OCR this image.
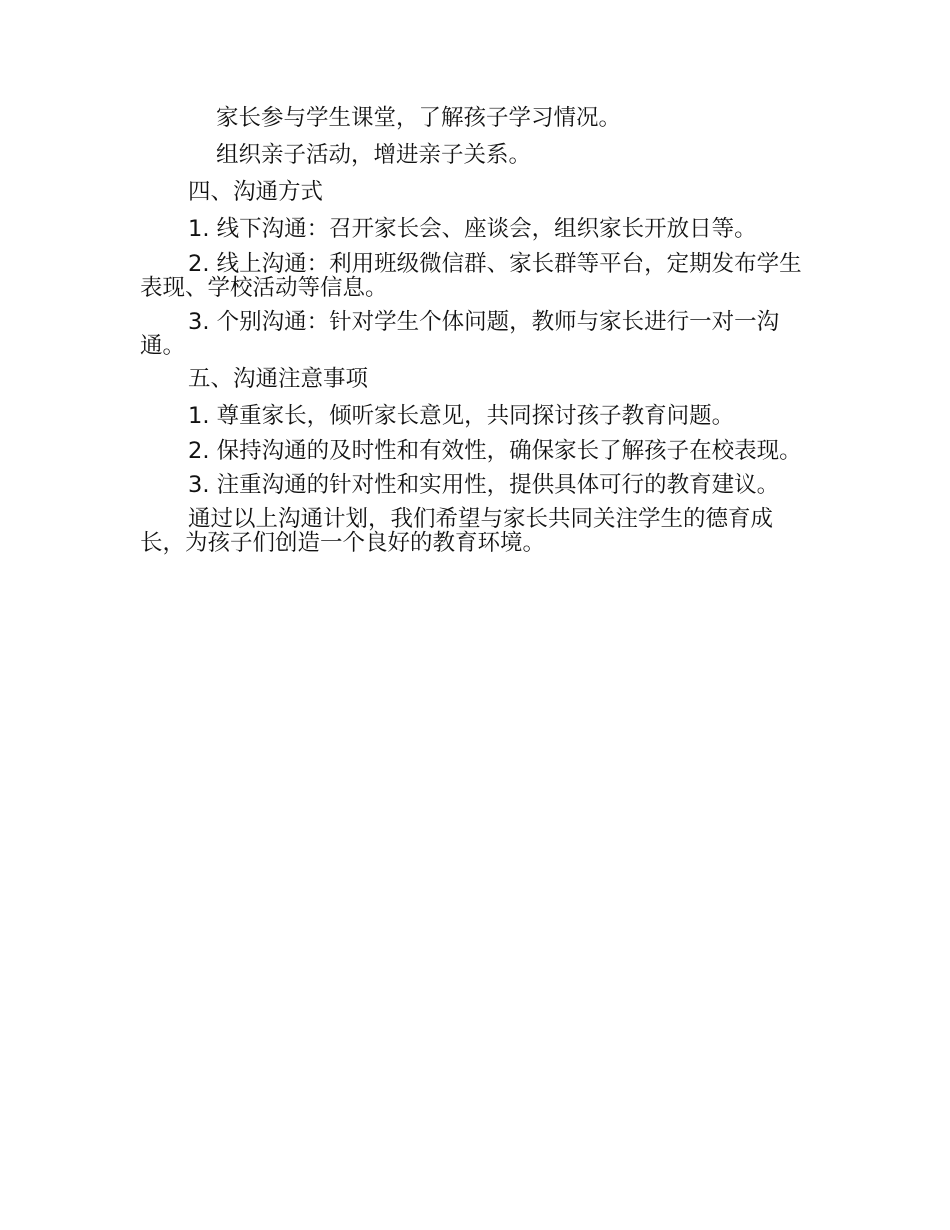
家长参与学生课堂，了解孩子学习情况。
组织亲子活动，增进亲子关系。
四、沟通方式
1. 线下沟通：召开家长会、座谈会，组织家长开放日等。
2. 线上沟通：利用班级微信群、家长群等平台，定期发布学生表现、学校活动等信息。
3. 个别沟通：针对学生个体问题，教师与家长进行一对一沟通。
五、沟通注意事项
1. 尊重家长，倾听家长意见，共同探讨孩子教育问题。
2. 保持沟通的及时性和有效性，确保家长了解孩子在校表现。
3. 注重沟通的针对性和实用性，提供具体可行的教育建议。
通过以上沟通计划，我们希望与家长共同关注学生的德育成长，为孩子们创造一个良好的教育环境。
